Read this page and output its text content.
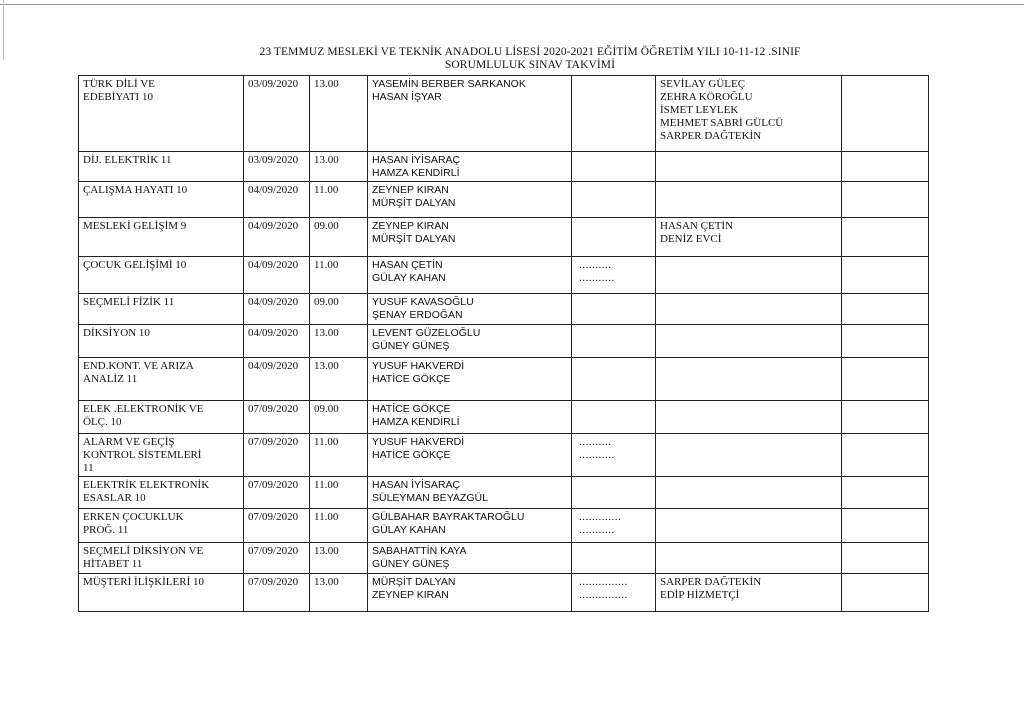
23 TEMMUZ MESLEKİ VE TEKNİK ANADOLU LİSESİ 2020-2021 EĞİTİM ÖĞRETİM YILI 10-11-12 .SINIF
SORUMLULUK SINAV TAKVİMİ
TÜRK DİLİ VE
EDEBİYATI 10	03/09/2020	13.00	YASEMİN BERBER SARKANOK
HASAN İŞYAR		SEVİLAY GÜLEÇ
ZEHRA KÖROĞLU
İSMET LEYLEK
MEHMET SABRİ GÜLCÜ
SARPER DAĞTEKİN	

DİJ. ELEKTRİK 11	03/09/2020	13.00	HASAN İYİSARAÇ
HAMZA KENDİRLİ			

ÇALIŞMA HAYATI 10	04/09/2020	11.00	ZEYNEP KIRAN
MÜRŞİT DALYAN			

MESLEKİ GELİŞİM 9	04/09/2020	09.00	ZEYNEP KIRAN
MÜRŞİT DALYAN		HASAN ÇETİN
DENİZ EVCİ	

ÇOCUK GELİŞİMİ 10	04/09/2020	11.00	HASAN ÇETİN
GÜLAY KAHAN	..........
...........		

SEÇMELİ FİZİK 11	04/09/2020	09.00	YUSUF KAVASOĞLU
ŞENAY ERDOĞAN			

DİKSİYON 10	04/09/2020	13.00	LEVENT GÜZELOĞLU
GÜNEY GÜNEŞ			

END.KONT. VE ARIZA
ANALİZ 11	04/09/2020	13.00	YUSUF HAKVERDİ
HATİCE GÖKÇE			

ELEK .ELEKTRONİK VE
ÖLÇ. 10	07/09/2020	09.00	HATİCE GÖKÇE
HAMZA KENDİRLİ			

ALARM VE GEÇİŞ
KONTROL SİSTEMLERİ
11	07/09/2020	11.00	YUSUF HAKVERDİ
HATİCE GÖKÇE	..........
...........		

ELEKTRİK ELEKTRONİK
ESASLAR 10	07/09/2020	11.00	HASAN İYİSARAÇ
SÜLEYMAN BEYAZGÜL			

ERKEN ÇOCUKLUK
PROĞ. 11	07/09/2020	11.00	GÜLBAHAR BAYRAKTAROĞLU
GÜLAY KAHAN	.............
...........		

SEÇMELİ DİKSİYON VE
HİTABET 11	07/09/2020	13.00	SABAHATTİN KAYA
GÜNEY GÜNEŞ			

MÜŞTERİ İLİŞKİLERİ 10	07/09/2020	13.00	MÜRŞİT DALYAN
ZEYNEP KIRAN	...............
...............	SARPER DAĞTEKİN
EDİP HİZMETÇİ	
